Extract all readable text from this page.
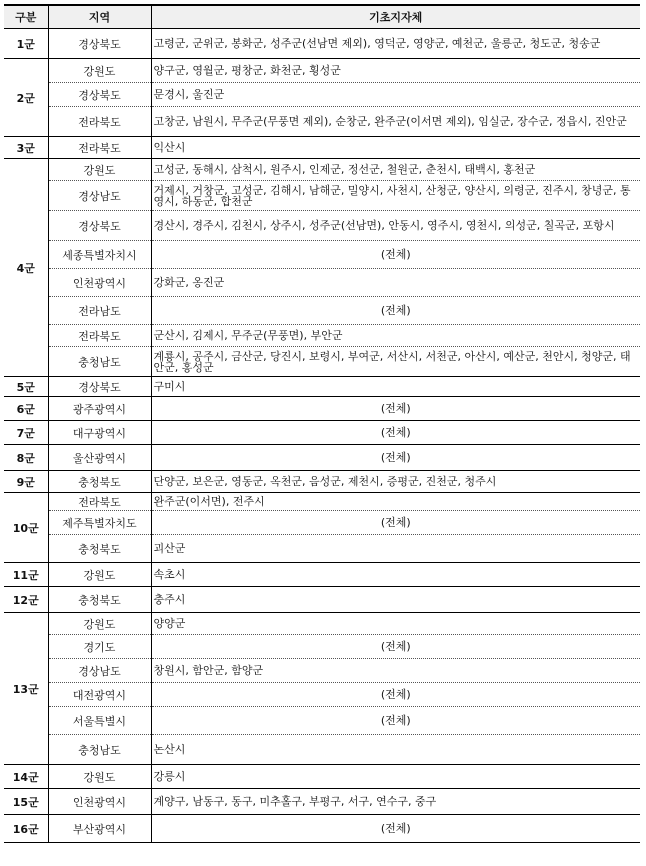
구분	지역	기초지자체
1군	경상북도	고령군, 군위군, 봉화군, 성주군(선남면 제외), 영덕군, 영양군, 예천군, 울릉군, 청도군, 청송군
2군	강원도	양구군, 영월군, 평창군, 화천군, 횡성군
	경상북도	문경시, 울진군
	전라북도	고창군, 남원시, 무주군(무풍면 제외), 순창군, 완주군(이서면 제외), 임실군, 장수군, 정읍시, 진안군
3군	전라북도	익산시
4군	강원도	고성군, 동해시, 삼척시, 원주시, 인제군, 정선군, 철원군, 춘천시, 태백시, 홍천군
	경상남도	거제시, 거창군, 고성군, 김해시, 남해군, 밀양시, 사천시, 산청군, 양산시, 의령군, 진주시, 창녕군, 통영시, 하동군, 합천군
	경상북도	경산시, 경주시, 김천시, 상주시, 성주군(선남면), 안동시, 영주시, 영천시, 의성군, 칠곡군, 포항시
	세종특별자치시	(전체)
	인천광역시	강화군, 옹진군
	전라남도	(전체)
	전라북도	군산시, 김제시, 무주군(무풍면), 부안군
	충청남도	계룡시, 공주시, 금산군, 당진시, 보령시, 부여군, 서산시, 서천군, 아산시, 예산군, 천안시, 청양군, 태안군, 홍성군
5군	경상북도	구미시
6군	광주광역시	(전체)
7군	대구광역시	(전체)
8군	울산광역시	(전체)
9군	충청북도	단양군, 보은군, 영동군, 옥천군, 음성군, 제천시, 증평군, 진천군, 청주시
10군	전라북도	완주군(이서면), 전주시
	제주특별자치도	(전체)
	충청북도	괴산군
11군	강원도	속초시
12군	충청북도	충주시
13군	강원도	양양군
	경기도	(전체)
	경상남도	창원시, 함안군, 함양군
	대전광역시	(전체)
	서울특별시	(전체)
	충청남도	논산시
14군	강원도	강릉시
15군	인천광역시	계양구, 남동구, 동구, 미추홀구, 부평구, 서구, 연수구, 중구
16군	부산광역시	(전체)
